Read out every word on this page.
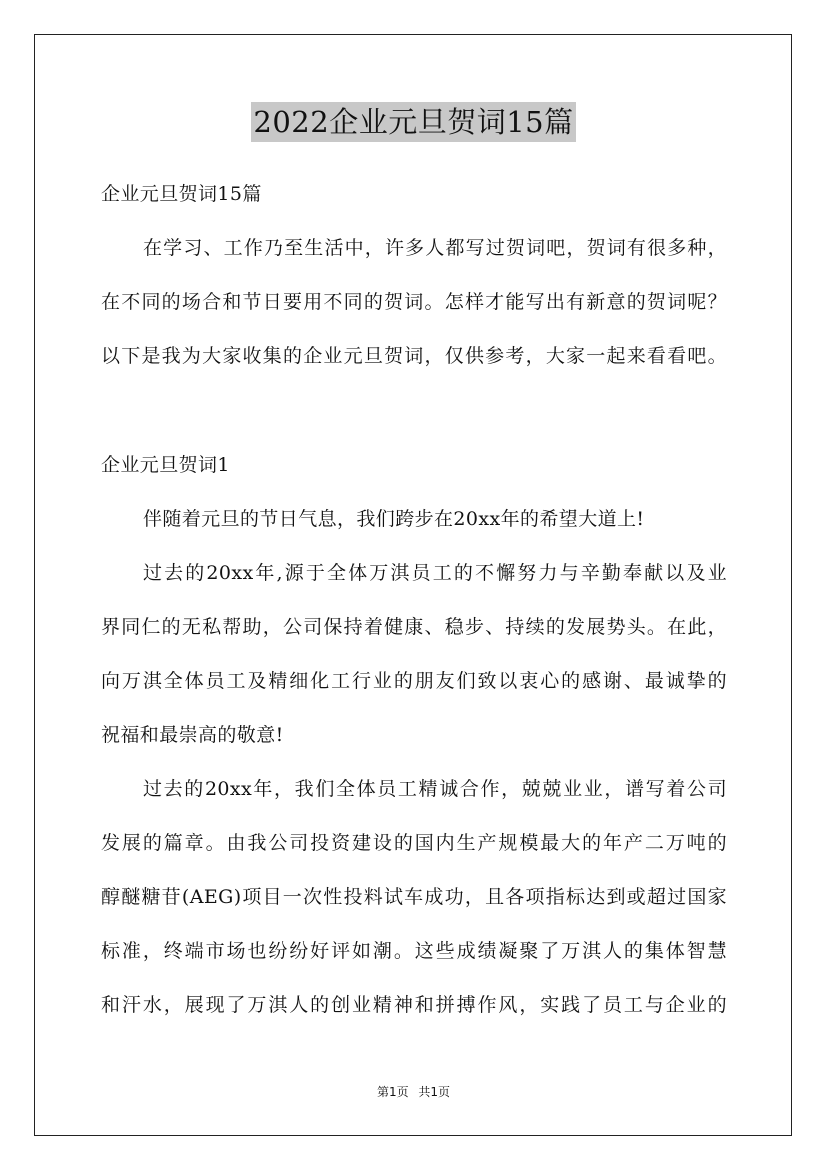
2022企业元旦贺词15篇
企业元旦贺词15篇
在学习、工作乃至生活中，许多人都写过贺词吧，贺词有很多种，
在不同的场合和节日要用不同的贺词。怎样才能写出有新意的贺词呢？
以下是我为大家收集的企业元旦贺词，仅供参考，大家一起来看看吧。
企业元旦贺词1
伴随着元旦的节日气息，我们跨步在20xx年的希望大道上!
过去的20xx年,源于全体万淇员工的不懈努力与辛勤奉献以及业
界同仁的无私帮助，公司保持着健康、稳步、持续的发展势头。在此，
向万淇全体员工及精细化工行业的朋友们致以衷心的感谢、最诚挚的
祝福和最崇高的敬意!
过去的20xx年，我们全体员工精诚合作，兢兢业业，谱写着公司
发展的篇章。由我公司投资建设的国内生产规模最大的年产二万吨的
醇醚糖苷(AEG)项目一次性投料试车成功，且各项指标达到或超过国家
标准，终端市场也纷纷好评如潮。这些成绩凝聚了万淇人的集体智慧
和汗水，展现了万淇人的创业精神和拼搏作风，实践了员工与企业的
第1页 共1页
